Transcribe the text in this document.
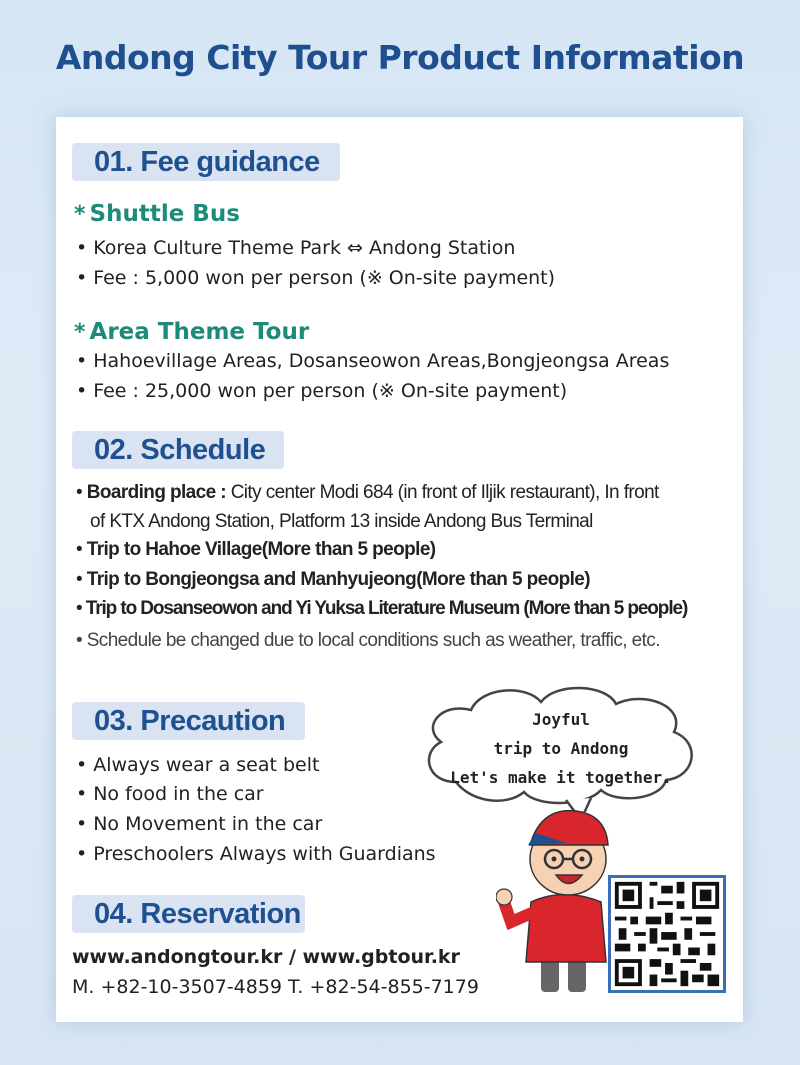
Andong City Tour Product Information
01. Fee guidance
* Shuttle Bus
• Korea Culture Theme Park ⇔ Andong Station
• Fee : 5,000 won per person (※ On-site payment)
* Area Theme Tour
• Hahoevillage Areas, Dosanseowon Areas,Bongjeongsa Areas
• Fee : 25,000 won per person (※ On-site payment)
02. Schedule
• Boarding place : City center Modi 684 (in front of Iljik restaurant), In front
of KTX Andong Station, Platform 13 inside Andong Bus Terminal
• Trip to Hahoe Village(More than 5 people)
• Trip to Bongjeongsa and Manhyujeong(More than 5 people)
• Trip to Dosanseowon and Yi Yuksa Literature Museum (More than 5 people)
• Schedule be changed due to local conditions such as weather, traffic, etc.
03. Precaution
• Always wear a seat belt
• No food in the car
• No Movement in the car
• Preschoolers Always with Guardians
04. Reservation
www.andongtour.kr / www.gbtour.kr
M. +82-10-3507-4859 T. +82-54-855-7179
Joyful
trip to Andong
Let's make it together.
